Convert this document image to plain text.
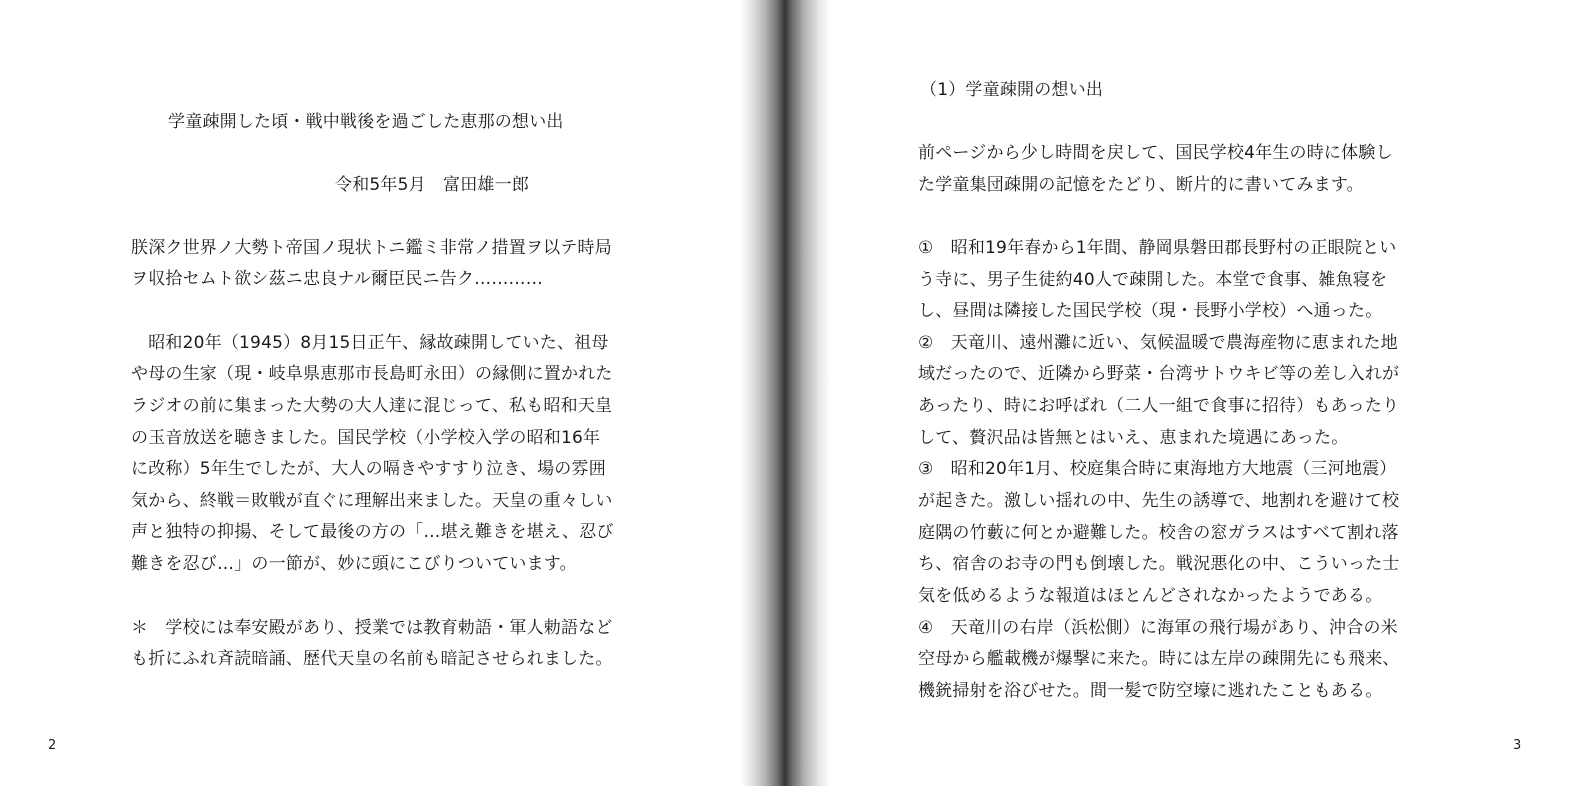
学童疎開した頃・戦中戦後を過ごした恵那の想い出
令和5年5月　富田雄一郎
朕深ク世界ノ大勢ト帝国ノ現状トニ鑑ミ非常ノ措置ヲ以テ時局
ヲ収拾セムト欲シ茲ニ忠良ナル爾臣民ニ告ク…………
　昭和20年（1945）8月15日正午、縁故疎開していた、祖母
や母の生家（現・岐阜県恵那市長島町永田）の縁側に置かれた
ラジオの前に集まった大勢の大人達に混じって、私も昭和天皇
の玉音放送を聴きました。国民学校（小学校入学の昭和16年
に改称）5年生でしたが、大人の嗝きやすすり泣き、場の雰囲
気から、終戦＝敗戦が直ぐに理解出来ました。天皇の重々しい
声と独特の抑揚、そして最後の方の「…堪え難きを堪え、忍び
難きを忍び…」の一節が、妙に頭にこびりついています。
＊　学校には奉安殿があり、授業では教育勅語・軍人勅語など
も折にふれ斉読暗誦、歴代天皇の名前も暗記させられました。
2
（1）学童疎開の想い出
前ページから少し時間を戻して、国民学校4年生の時に体験し
た学童集団疎開の記憶をたどり、断片的に書いてみます。
①　昭和19年春から1年間、静岡県磐田郡長野村の正眼院とい
う寺に、男子生徒約40人で疎開した。本堂で食事、雑魚寝を
し、昼間は隣接した国民学校（現・長野小学校）へ通った。
②　天竜川、遠州灘に近い、気候温暖で農海産物に恵まれた地
域だったので、近隣から野菜・台湾サトウキビ等の差し入れが
あったり、時にお呼ばれ（二人一組で食事に招待）もあったり
して、贅沢品は皆無とはいえ、恵まれた境遇にあった。
③　昭和20年1月、校庭集合時に東海地方大地震（三河地震）
が起きた。激しい揺れの中、先生の誘導で、地割れを避けて校
庭隅の竹藪に何とか避難した。校舎の窓ガラスはすべて割れ落
ち、宿舎のお寺の門も倒壊した。戦況悪化の中、こういった士
気を低めるような報道はほとんどされなかったようである。
④　天竜川の右岸（浜松側）に海軍の飛行場があり、沖合の米
空母から艦載機が爆撃に来た。時には左岸の疎開先にも飛来、
機銃掃射を浴びせた。間一髪で防空壕に逃れたこともある。
3
